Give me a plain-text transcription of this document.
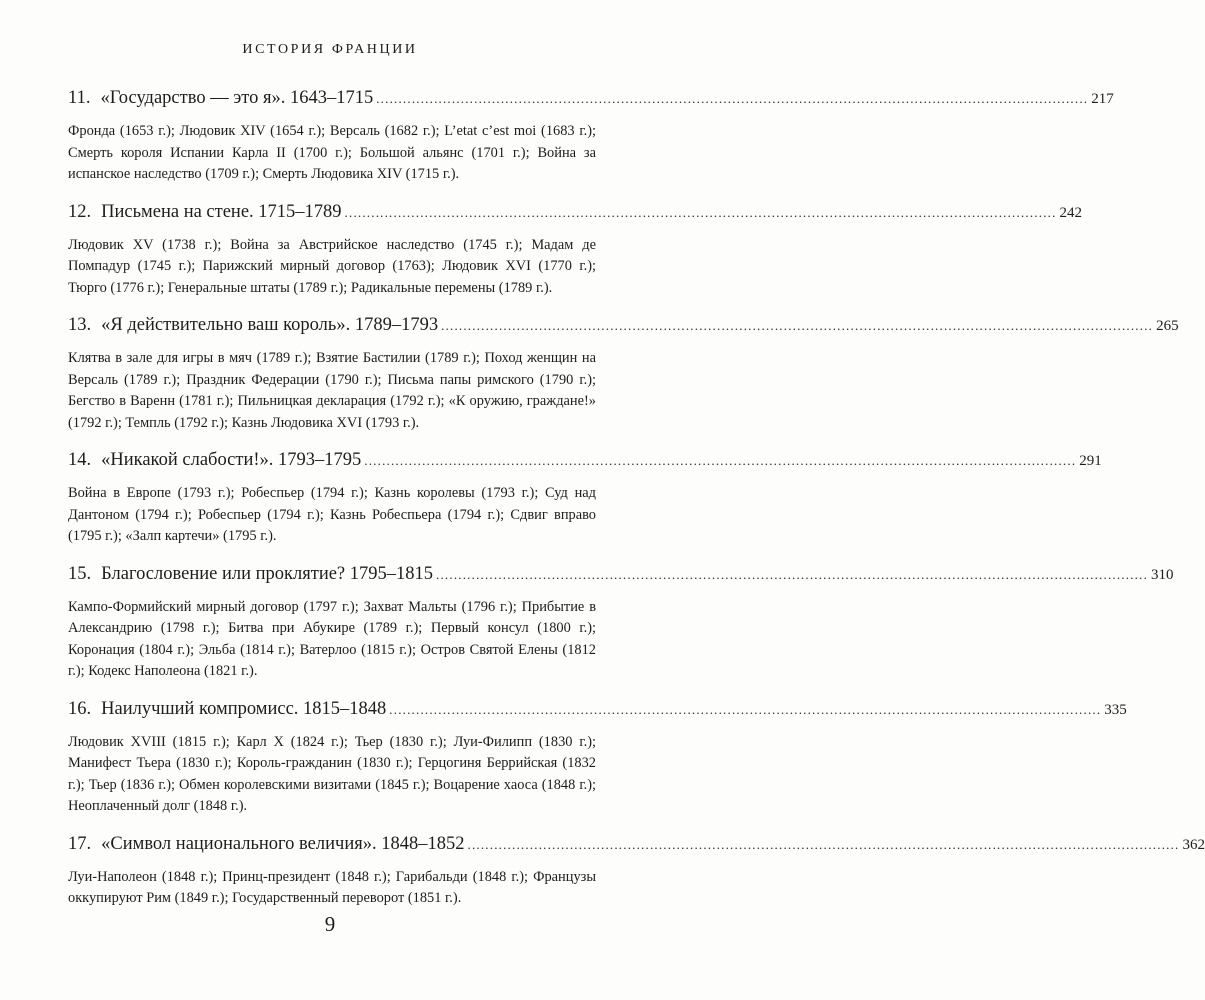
ИСТОРИЯ ФРАНЦИИ
11. «Государство — это я». 1643–1715 ................................................................................................................................................................ 217
Фронда (1653 г.); Людовик XIV (1654 г.); Версаль (1682 г.); L’etat c’est moi (1683 г.); Смерть короля Испании Карла II (1700 г.); Большой альянс (1701 г.); Война за испанское наследство (1709 г.); Смерть Людовика XIV (1715 г.).
12. Письмена на стене. 1715–1789 ................................................................................................................................................................ 242
Людовик XV (1738 г.); Война за Австрийское наследство (1745 г.); Мадам де Помпадур (1745 г.); Парижский мирный договор (1763); Людовик XVI (1770 г.); Тюрго (1776 г.); Генеральные штаты (1789 г.); Радикальные перемены (1789 г.).
13. «Я действительно ваш король». 1789–1793 ................................................................................................................................................................ 265
Клятва в зале для игры в мяч (1789 г.); Взятие Бастилии (1789 г.); Поход женщин на Версаль (1789 г.); Праздник Федерации (1790 г.); Письма папы римского (1790 г.); Бегство в Варенн (1781 г.); Пильницкая декларация (1792 г.); «К оружию, граждане!» (1792 г.); Темпль (1792 г.); Казнь Людовика XVI (1793 г.).
14. «Никакой слабости!». 1793–1795 ................................................................................................................................................................ 291
Война в Европе (1793 г.); Робеспьер (1794 г.); Казнь королевы (1793 г.); Суд над Дантоном (1794 г.); Робеспьер (1794 г.); Казнь Робеспьера (1794 г.); Сдвиг вправо (1795 г.); «Залп картечи» (1795 г.).
15. Благословение или проклятие? 1795–1815 ................................................................................................................................................................ 310
Кампо-Формийский мирный договор (1797 г.); Захват Мальты (1796 г.); Прибытие в Александрию (1798 г.); Битва при Абукире (1789 г.); Первый консул (1800 г.); Коронация (1804 г.); Эльба (1814 г.); Ватерлоо (1815 г.); Остров Святой Елены (1812 г.); Кодекс Наполеона (1821 г.).
16. Наилучший компромисс. 1815–1848 ................................................................................................................................................................ 335
Людовик XVIII (1815 г.); Карл Х (1824 г.); Тьер (1830 г.); Луи-Филипп (1830 г.); Манифест Тьера (1830 г.); Король-гражданин (1830 г.); Герцогиня Беррийская (1832 г.); Тьер (1836 г.); Обмен королевскими визитами (1845 г.); Воцарение хаоса (1848 г.); Неоплаченный долг (1848 г.).
17. «Символ национального величия». 1848–1852 ................................................................................................................................................................ 362
Луи-Наполеон (1848 г.); Принц-президент (1848 г.); Гарибальди (1848 г.); Французы оккупируют Рим (1849 г.); Государственный переворот (1851 г.).
9
